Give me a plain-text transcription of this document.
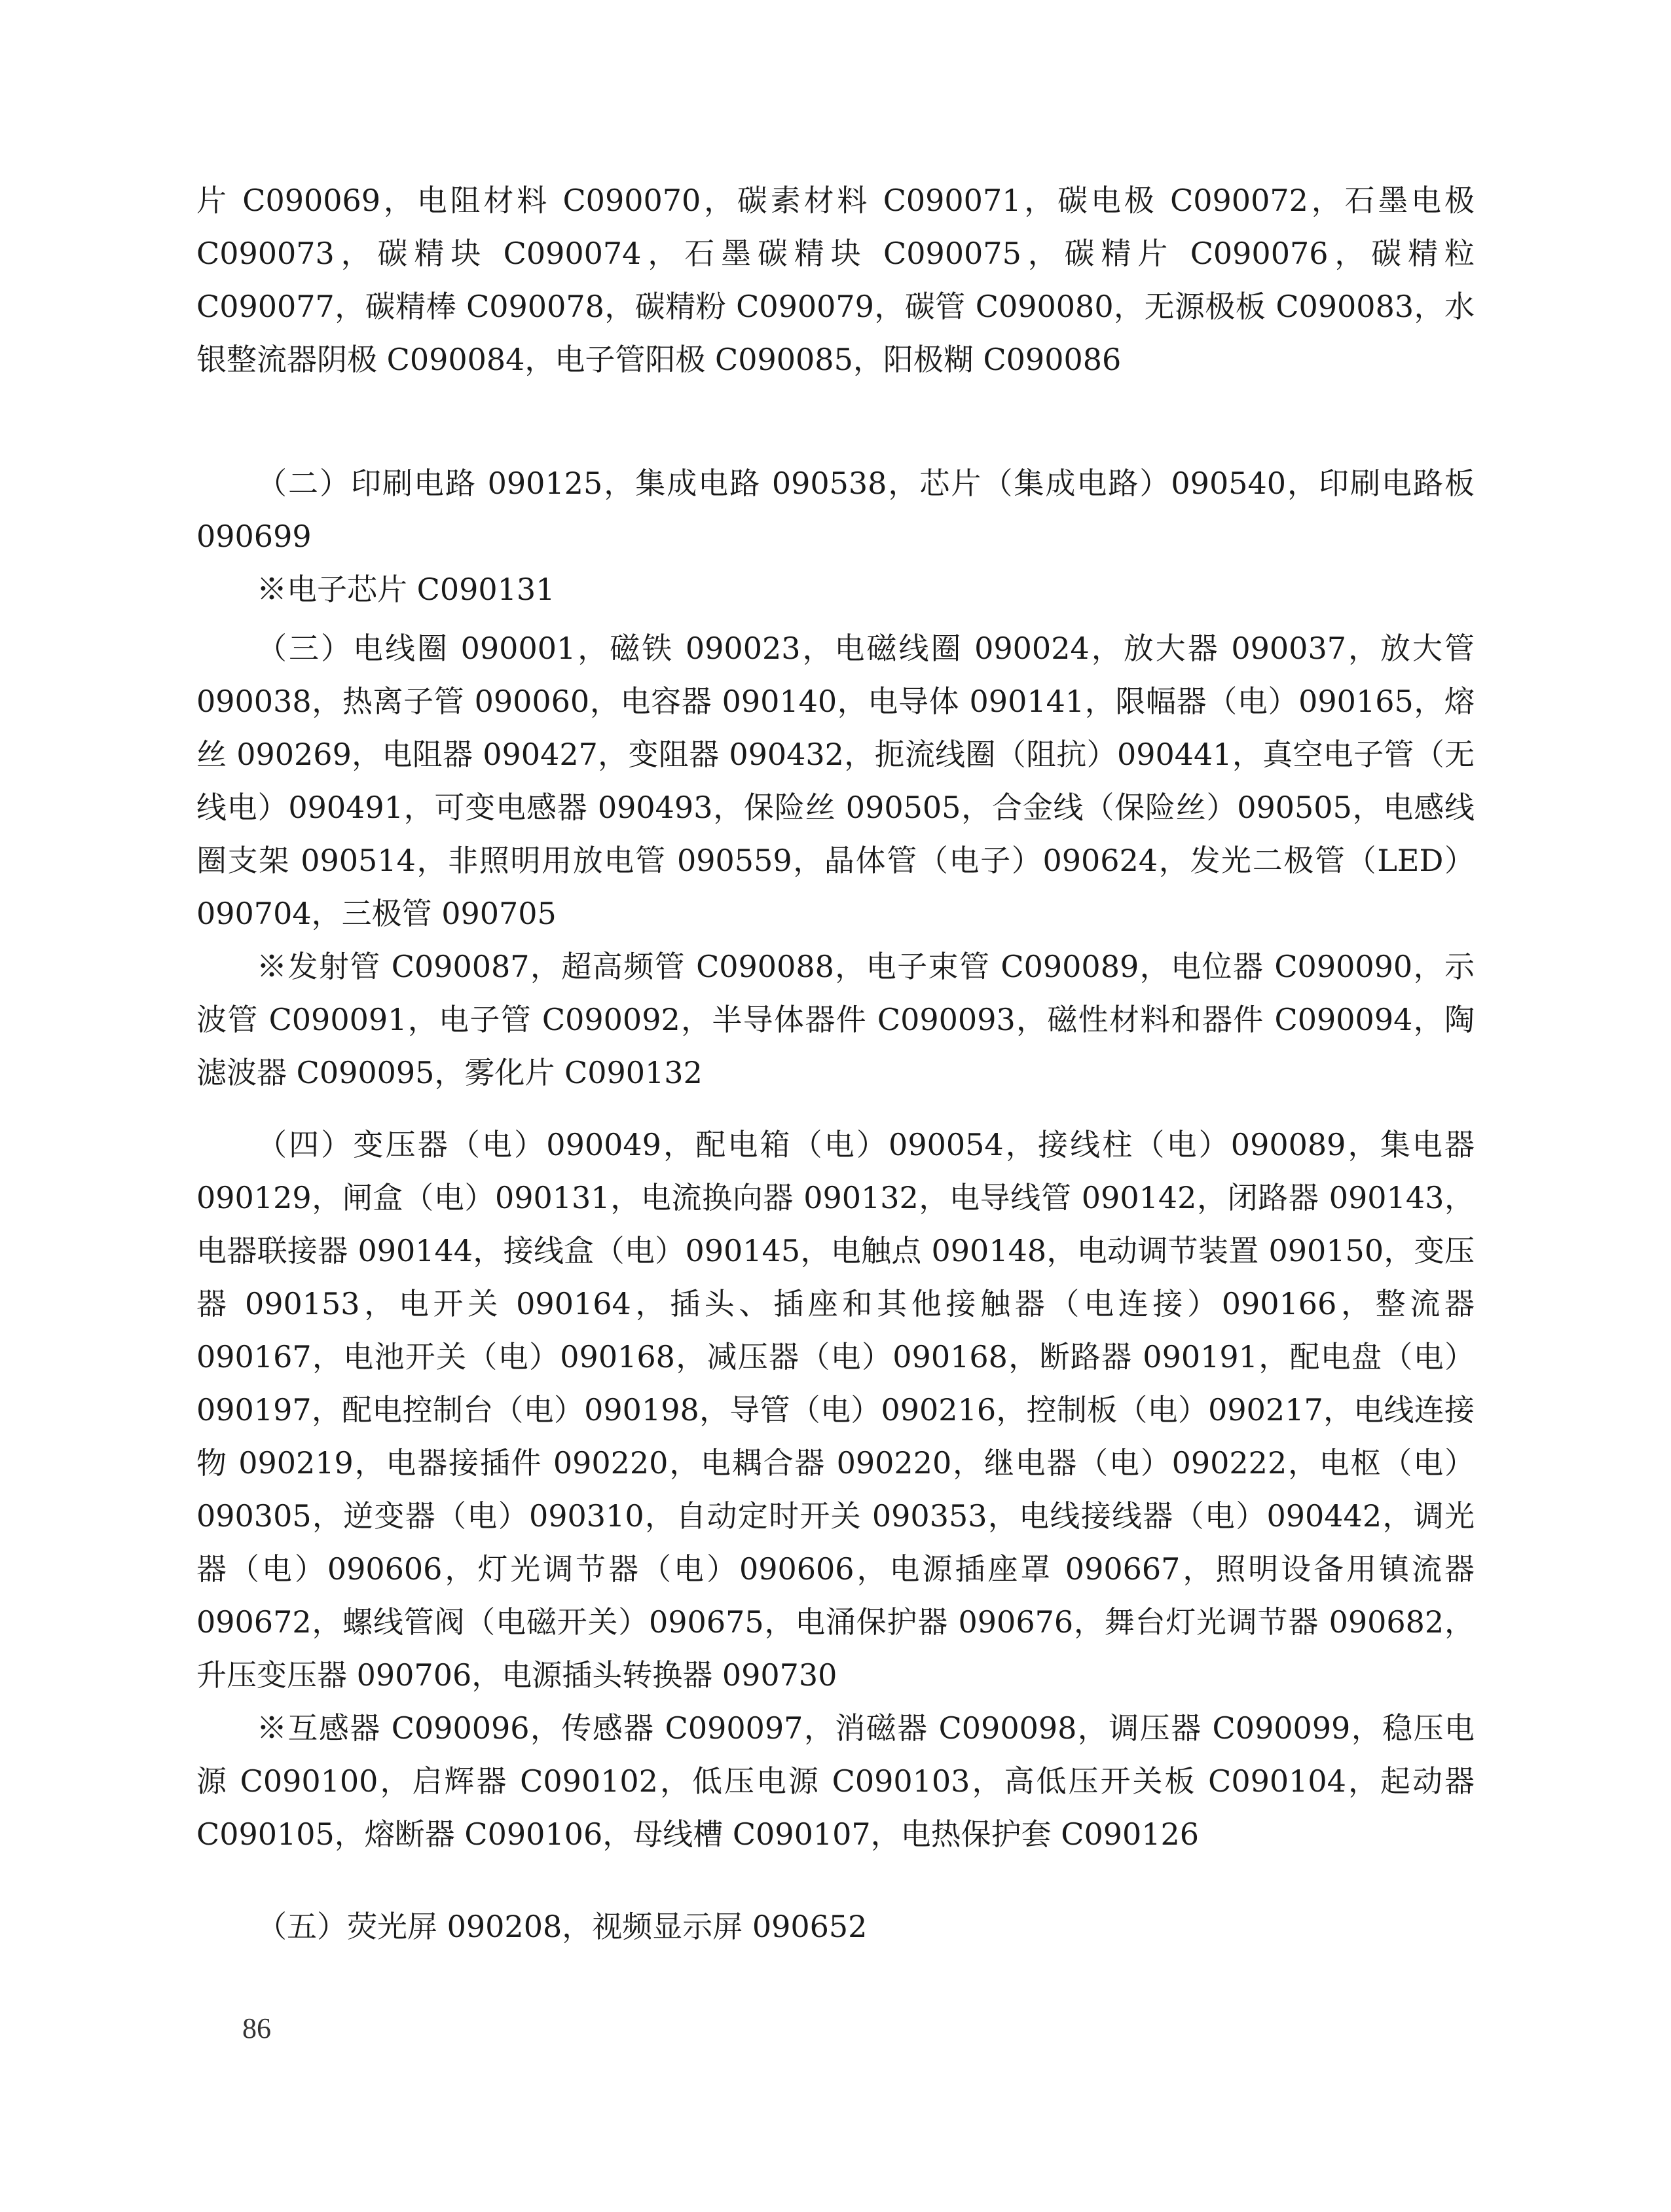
片 C090069，电阻材料 C090070，碳素材料 C090071，碳电极 C090072，石墨电极 C090073，碳精块 C090074，石墨碳精块 C090075，碳精片 C090076，碳精粒 C090077，碳精棒 C090078，碳精粉 C090079，碳管 C090080，无源极板 C090083，水银整流器阴极 C090084，电子管阳极 C090085，阳极糊 C090086

（二）印刷电路 090125，集成电路 090538，芯片（集成电路）090540，印刷电路板 090699

※电子芯片 C090131

（三）电线圈 090001，磁铁 090023，电磁线圈 090024，放大器 090037，放大管 090038，热离子管 090060，电容器 090140，电导体 090141，限幅器（电）090165，熔丝 090269，电阻器 090427，变阻器 090432，扼流线圈（阻抗）090441，真空电子管（无线电）090491，可变电感器 090493，保险丝 090505，合金线（保险丝）090505，电感线圈支架 090514，非照明用放电管 090559，晶体管（电子）090624，发光二极管（LED）090704，三极管 090705

※发射管 C090087，超高频管 C090088，电子束管 C090089，电位器 C090090，示波管 C090091，电子管 C090092，半导体器件 C090093，磁性材料和器件 C090094，陶滤波器 C090095，雾化片 C090132

（四）变压器（电）090049，配电箱（电）090054，接线柱（电）090089，集电器 090129，闸盒（电）090131，电流换向器 090132，电导线管 090142，闭路器 090143，电器联接器 090144，接线盒（电）090145，电触点 090148，电动调节装置 090150，变压器 090153，电开关 090164，插头、插座和其他接触器（电连接）090166，整流器 090167，电池开关（电）090168，减压器（电）090168，断路器 090191，配电盘（电）090197，配电控制台（电）090198，导管（电）090216，控制板（电）090217，电线连接物 090219，电器接插件 090220，电耦合器 090220，继电器（电）090222，电枢（电）090305，逆变器（电）090310，自动定时开关 090353，电线接线器（电）090442，调光器（电）090606，灯光调节器（电）090606，电源插座罩 090667，照明设备用镇流器 090672，螺线管阀（电磁开关）090675，电涌保护器 090676，舞台灯光调节器 090682，升压变压器 090706，电源插头转换器 090730

※互感器 C090096，传感器 C090097，消磁器 C090098，调压器 C090099，稳压电源 C090100，启辉器 C090102，低压电源 C090103，高低压开关板 C090104，起动器 C090105，熔断器 C090106，母线槽 C090107，电热保护套 C090126

（五）荧光屏 090208，视频显示屏 090652

86
